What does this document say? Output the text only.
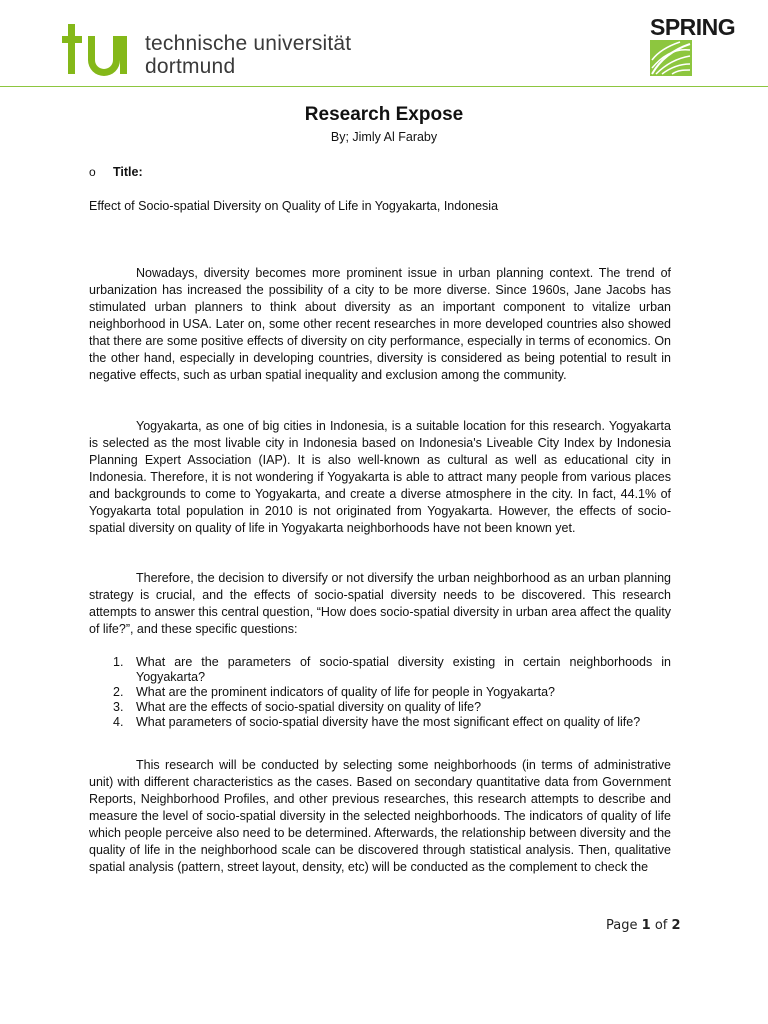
technische universität
dortmund
SPRING
Research Expose
By; Jimly Al Faraby
o Title:
Effect of Socio-spatial Diversity on Quality of Life in Yogyakarta, Indonesia

Nowadays, diversity becomes more prominent issue in urban planning context. The trend of urbanization has increased the possibility of a city to be more diverse. Since 1960s, Jane Jacobs has stimulated urban planners to think about diversity as an important component to vitalize urban neighborhood in USA. Later on, some other recent researches in more developed countries also showed that there are some positive effects of diversity on city performance, especially in terms of economics. On the other hand, especially in developing countries, diversity is considered as being potential to result in negative effects, such as urban spatial inequality and exclusion among the community.

Yogyakarta, as one of big cities in Indonesia, is a suitable location for this research. Yogyakarta is selected as the most livable city in Indonesia based on Indonesia's Liveable City Index by Indonesia Planning Expert Association (IAP). It is also well-known as cultural as well as educational city in Indonesia. Therefore, it is not wondering if Yogyakarta is able to attract many people from various places and backgrounds to come to Yogyakarta, and create a diverse atmosphere in the city. In fact, 44.1% of Yogyakarta total population in 2010 is not originated from Yogyakarta. However, the effects of socio-spatial diversity on quality of life in Yogyakarta neighborhoods have not been known yet.

Therefore, the decision to diversify or not diversify the urban neighborhood as an urban planning strategy is crucial, and the effects of socio-spatial diversity needs to be discovered. This research attempts to answer this central question, “How does socio-spatial diversity in urban area affect the quality of life?”, and these specific questions:

1. What are the parameters of socio-spatial diversity existing in certain neighborhoods in Yogyakarta?
2. What are the prominent indicators of quality of life for people in Yogyakarta?
3. What are the effects of socio-spatial diversity on quality of life?
4. What parameters of socio-spatial diversity have the most significant effect on quality of life?

This research will be conducted by selecting some neighborhoods (in terms of administrative unit) with different characteristics as the cases. Based on secondary quantitative data from Government Reports, Neighborhood Profiles, and other previous researches, this research attempts to describe and measure the level of socio-spatial diversity in the selected neighborhoods. The indicators of quality of life which people perceive also need to be determined. Afterwards, the relationship between diversity and the quality of life in the neighborhood scale can be discovered through statistical analysis. Then, qualitative spatial analysis (pattern, street layout, density, etc) will be conducted as the complement to check the

Page 1 of 2
